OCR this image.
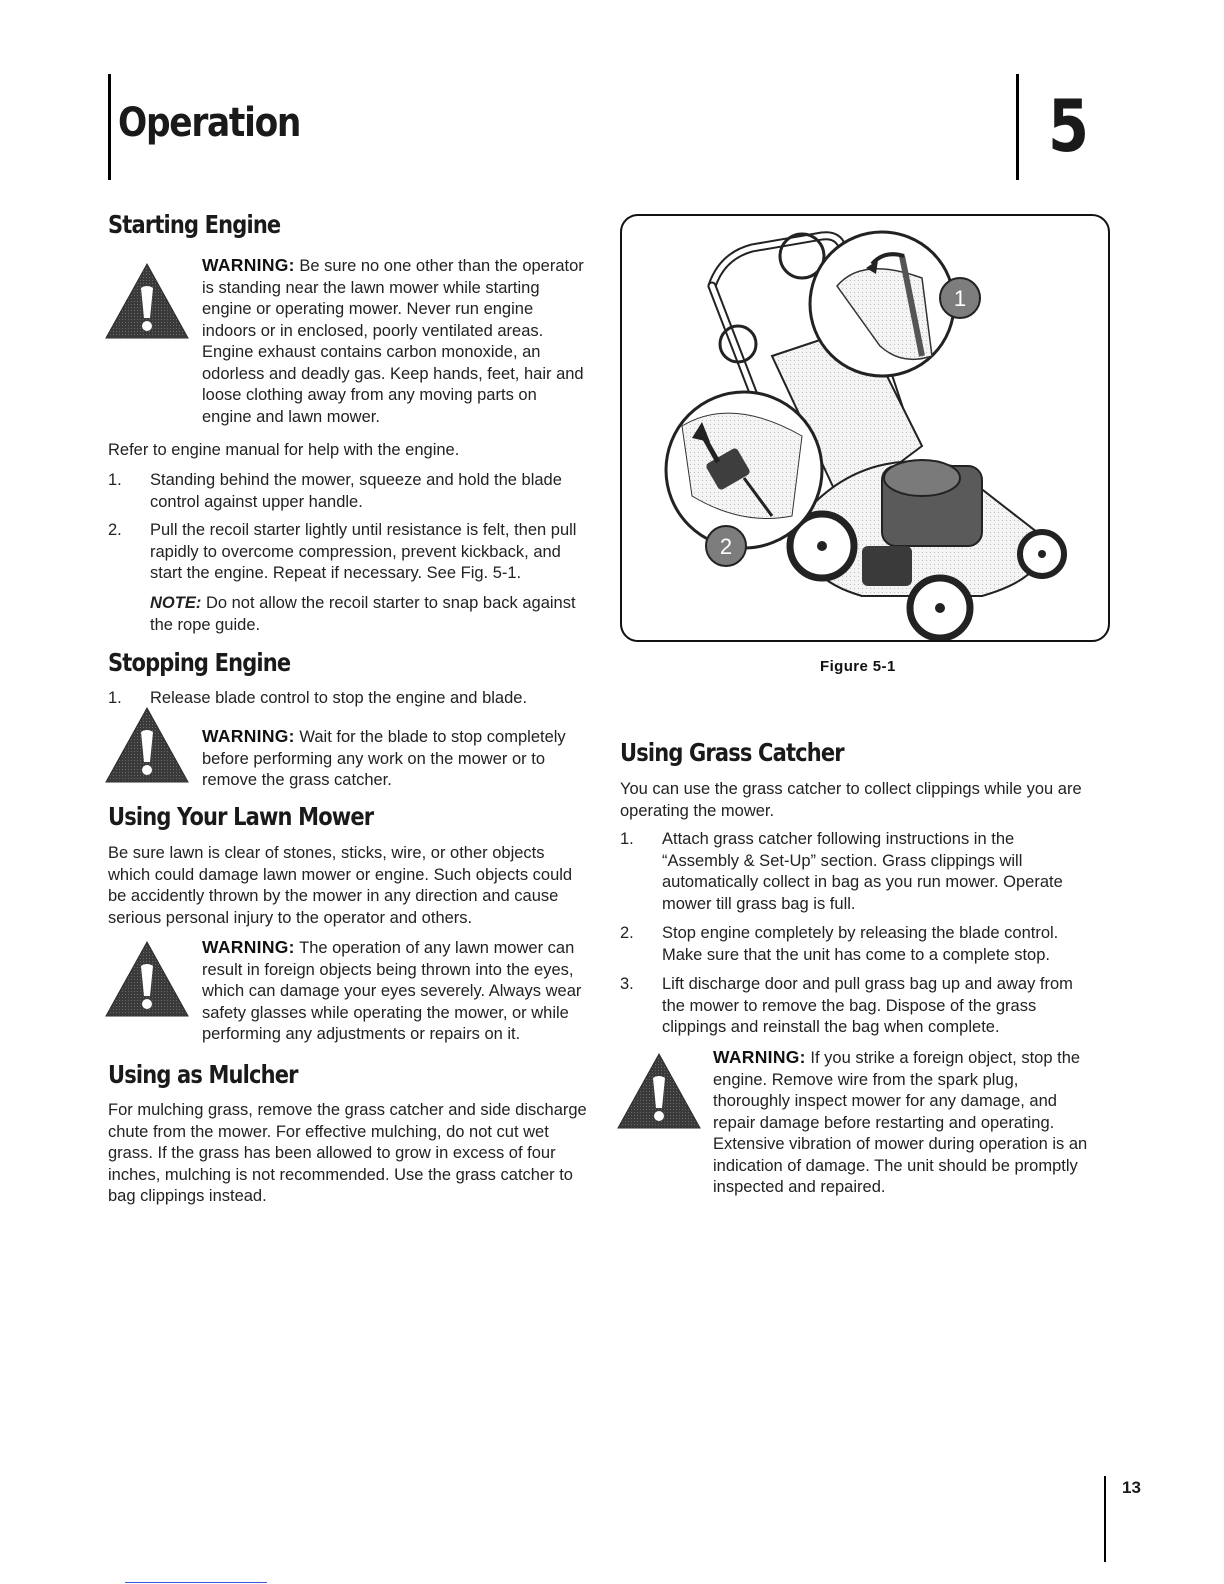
Operation	5
Starting Engine
WARNING: Be sure no one other than the operator
is standing near the lawn mower while starting
engine or operating mower. Never run engine
indoors or in enclosed, poorly ventilated areas.
Engine exhaust contains carbon monoxide, an
odorless and deadly gas. Keep hands, feet, hair and
loose clothing away from any moving parts on
engine and lawn mower.
Refer to engine manual for help with the engine.
1. Standing behind the mower, squeeze and hold the blade
control against upper handle.
2. Pull the recoil starter lightly until resistance is felt, then pull
rapidly to overcome compression, prevent kickback, and
start the engine. Repeat if necessary. See Fig. 5-1.
NOTE: Do not allow the recoil starter to snap back against
the rope guide.
Stopping Engine
1. Release blade control to stop the engine and blade.
WARNING: Wait for the blade to stop completely
before performing any work on the mower or to
remove the grass catcher.
Using Your Lawn Mower
Be sure lawn is clear of stones, sticks, wire, or other objects
which could damage lawn mower or engine. Such objects could
be accidently thrown by the mower in any direction and cause
serious personal injury to the operator and others.
WARNING: The operation of any lawn mower can
result in foreign objects being thrown into the eyes,
which can damage your eyes severely. Always wear
safety glasses while operating the mower, or while
performing any adjustments or repairs on it.
Using as Mulcher
For mulching grass, remove the grass catcher and side discharge
chute from the mower. For effective mulching, do not cut wet
grass. If the grass has been allowed to grow in excess of four
inches, mulching is not recommended. Use the grass catcher to
bag clippings instead.
1
2
Figure 5-1
Using Grass Catcher
You can use the grass catcher to collect clippings while you are
operating the mower.
1. Attach grass catcher following instructions in the
“Assembly & Set-Up” section. Grass clippings will
automatically collect in bag as you run mower. Operate
mower till grass bag is full.
2. Stop engine completely by releasing the blade control.
Make sure that the unit has come to a complete stop.
3. Lift discharge door and pull grass bag up and away from
the mower to remove the bag. Dispose of the grass
clippings and reinstall the bag when complete.
WARNING: If you strike a foreign object, stop the
engine. Remove wire from the spark plug,
thoroughly inspect mower for any damage, and
repair damage before restarting and operating.
Extensive vibration of mower during operation is an
indication of damage. The unit should be promptly
inspected and repaired.
13
